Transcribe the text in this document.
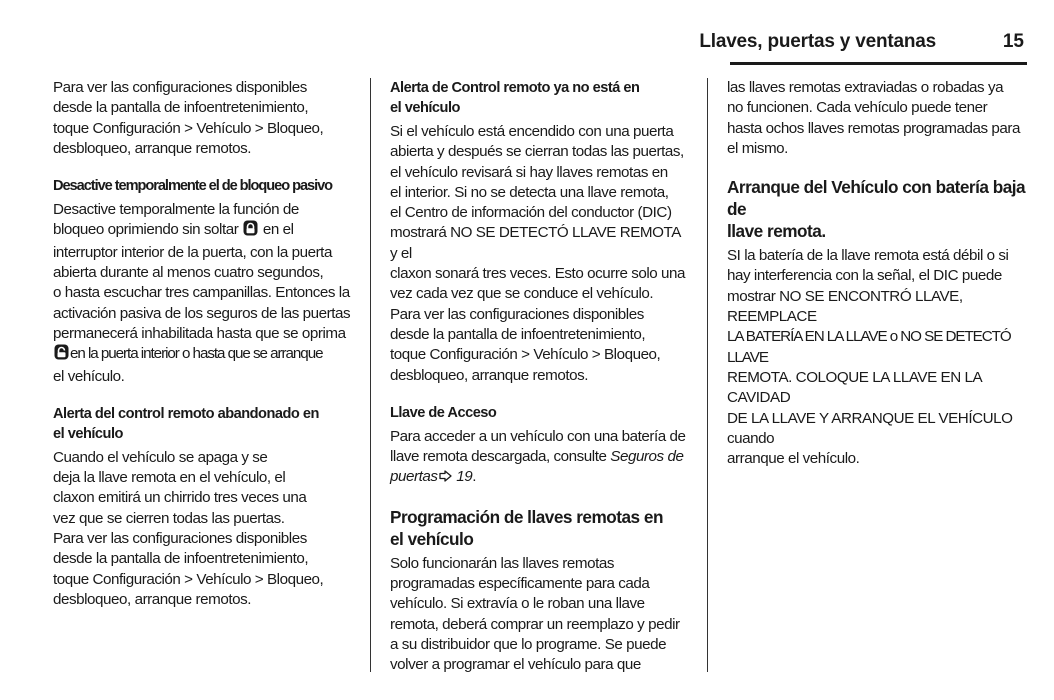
Llaves, puertas y ventanas	15

Para ver las configuraciones disponibles
desde la pantalla de infoentretenimiento,
toque Configuración > Vehículo > Bloqueo,
desbloqueo, arranque remotos.

Desactive temporalmente el de bloqueo pasivo

Desactive temporalmente la función de
bloqueo oprimiendo sin soltar en el
interruptor interior de la puerta, con la puerta
abierta durante al menos cuatro segundos,
o hasta escuchar tres campanillas. Entonces la
activación pasiva de los seguros de las puertas
permanecerá inhabilitada hasta que se oprima
en la puerta interior o hasta que se arranque
el vehículo.

Alerta del control remoto abandonado en
el vehículo

Cuando el vehículo se apaga y se
deja la llave remota en el vehículo, el
claxon emitirá un chirrido tres veces una
vez que se cierren todas las puertas.
Para ver las configuraciones disponibles
desde la pantalla de infoentretenimiento,
toque Configuración > Vehículo > Bloqueo,
desbloqueo, arranque remotos.

Alerta de Control remoto ya no está en
el vehículo

Si el vehículo está encendido con una puerta
abierta y después se cierran todas las puertas,
el vehículo revisará si hay llaves remotas en
el interior. Si no se detecta una llave remota,
el Centro de información del conductor (DIC)
mostrará NO SE DETECTÓ LLAVE REMOTA y el
claxon sonará tres veces. Esto ocurre solo una
vez cada vez que se conduce el vehículo.
Para ver las configuraciones disponibles
desde la pantalla de infoentretenimiento,
toque Configuración > Vehículo > Bloqueo,
desbloqueo, arranque remotos.

Llave de Acceso

Para acceder a un vehículo con una batería de
llave remota descargada, consulte Seguros de
puertas 19.

Programación de llaves remotas en
el vehículo

Solo funcionarán las llaves remotas
programadas específicamente para cada
vehículo. Si extravía o le roban una llave
remota, deberá comprar un reemplazo y pedir
a su distribuidor que lo programe. Se puede
volver a programar el vehículo para que

las llaves remotas extraviadas o robadas ya
no funcionen. Cada vehículo puede tener
hasta ochos llaves remotas programadas para
el mismo.

Arranque del Vehículo con batería baja de
llave remota.

SI la batería de la llave remota está débil o si
hay interferencia con la señal, el DIC puede
mostrar NO SE ENCONTRÓ LLAVE, REEMPLACE
LA BATERÍA EN LA LLAVE o NO SE DETECTÓ LLAVE
REMOTA. COLOQUE LA LLAVE EN LA CAVIDAD
DE LA LLAVE Y ARRANQUE EL VEHÍCULO cuando
arranque el vehículo.
